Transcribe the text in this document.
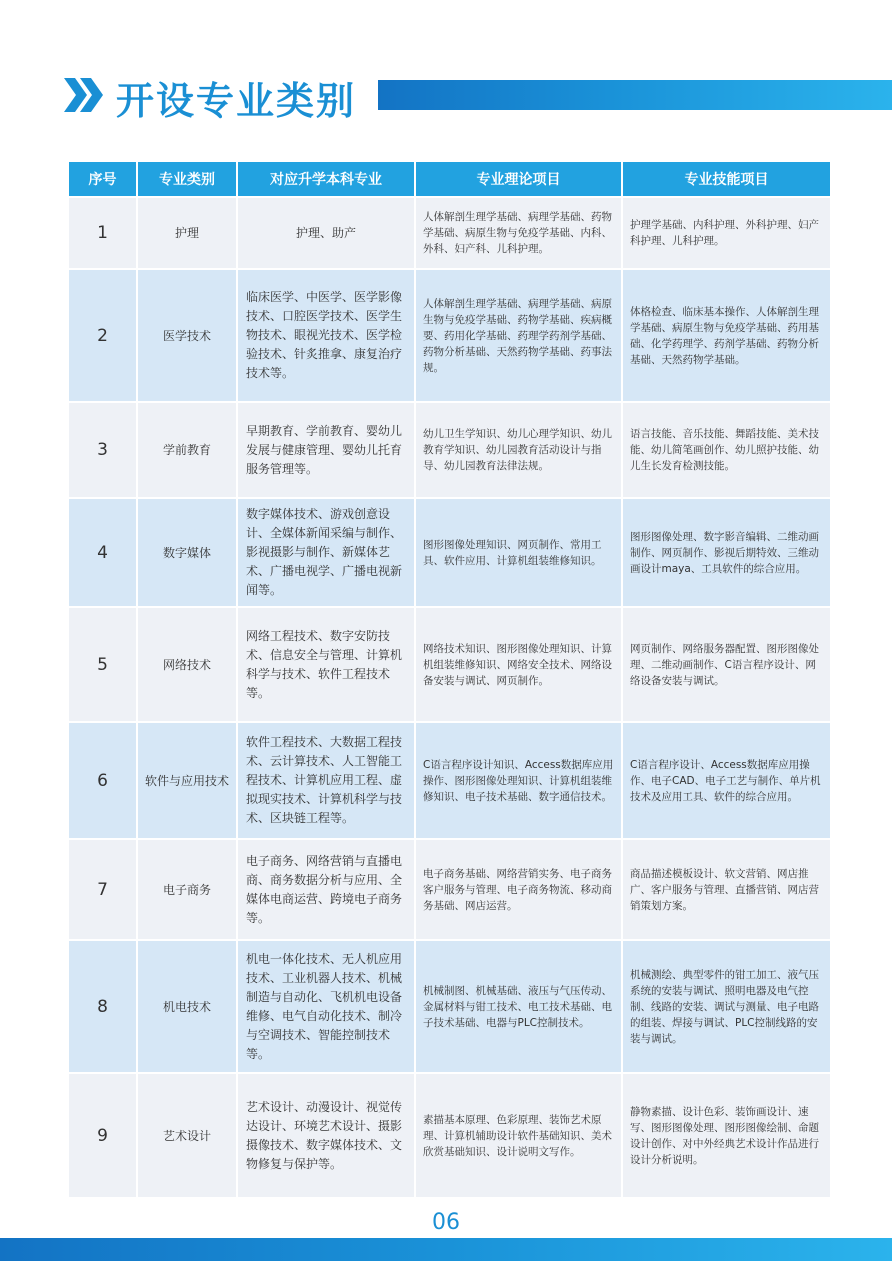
开设专业类别
序号	专业类别	对应升学本科专业	专业理论项目	专业技能项目
1	护理	护理、助产	人体解剖生理学基础、病理学基础、药物学基础、病原生物与免疫学基础、内科、外科、妇产科、儿科护理。	护理学基础、内科护理、外科护理、妇产科护理、儿科护理。
2	医学技术	临床医学、中医学、医学影像技术、口腔医学技术、医学生物技术、眼视光技术、医学检验技术、针炙推拿、康复治疗技术等。	人体解剖生理学基础、病理学基础、病原生物与免疫学基础、药物学基础、疾病概要、药用化学基础、药理学药剂学基础、药物分析基础、天然药物学基础、药事法规。	体格检查、临床基本操作、人体解剖生理学基础、病原生物与免疫学基础、药用基础、化学药理学、药剂学基础、药物分析基础、天然药物学基础。
3	学前教育	早期教育、学前教育、婴幼儿发展与健康管理、婴幼儿托育服务管理等。	幼儿卫生学知识、幼儿心理学知识、幼儿教育学知识、幼儿园教育活动设计与指导、幼儿园教育法律法规。	语言技能、音乐技能、舞蹈技能、美术技能、幼儿简笔画创作、幼儿照护技能、幼儿生长发育检测技能。
4	数字媒体	数字媒体技术、游戏创意设计、全媒体新闻采编与制作、影视摄影与制作、新媒体艺术、广播电视学、广播电视新闻等。	图形图像处理知识、网页制作、常用工具、软件应用、计算机组装维修知识。	图形图像处理、数字影音编辑、二维动画制作、网页制作、影视后期特效、三维动画设计maya、工具软件的综合应用。
5	网络技术	网络工程技术、数字安防技术、信息安全与管理、计算机科学与技术、软件工程技术等。	网络技术知识、图形图像处理知识、计算机组装维修知识、网络安全技术、网络设备安装与调试、网页制作。	网页制作、网络服务器配置、图形图像处理、二维动画制作、C语言程序设计、网络设备安装与调试。
6	软件与应用技术	软件工程技术、大数据工程技术、云计算技术、人工智能工程技术、计算机应用工程、虚拟现实技术、计算机科学与技术、区块链工程等。	C语言程序设计知识、Access数据库应用操作、图形图像处理知识、计算机组装维修知识、电子技术基础、数字通信技术。	C语言程序设计、Access数据库应用操作、电子CAD、电子工艺与制作、单片机技术及应用工具、软件的综合应用。
7	电子商务	电子商务、网络营销与直播电商、商务数据分析与应用、全媒体电商运营、跨境电子商务等。	电子商务基础、网络营销实务、电子商务客户服务与管理、电子商务物流、移动商务基础、网店运营。	商品描述模板设计、软文营销、网店推广、客户服务与管理、直播营销、网店营销策划方案。
8	机电技术	机电一体化技术、无人机应用技术、工业机器人技术、机械制造与自动化、飞机机电设备维修、电气自动化技术、制冷与空调技术、智能控制技术等。	机械制图、机械基础、液压与气压传动、金属材料与钳工技术、电工技术基础、电子技术基础、电器与PLC控制技术。	机械测绘、典型零件的钳工加工、液气压系统的安装与调试、照明电器及电气控制、线路的安装、调试与测量、电子电路的组装、焊接与调试、PLC控制线路的安装与调试。
9	艺术设计	艺术设计、动漫设计、视觉传达设计、环境艺术设计、摄影摄像技术、数字媒体技术、文物修复与保护等。	素描基本原理、色彩原理、装饰艺术原理、计算机辅助设计软件基础知识、美术欣赏基础知识、设计说明文写作。	静物素描、设计色彩、装饰画设计、速写、图形图像处理、图形图像绘制、命题设计创作、对中外经典艺术设计作品进行设计分析说明。
06
